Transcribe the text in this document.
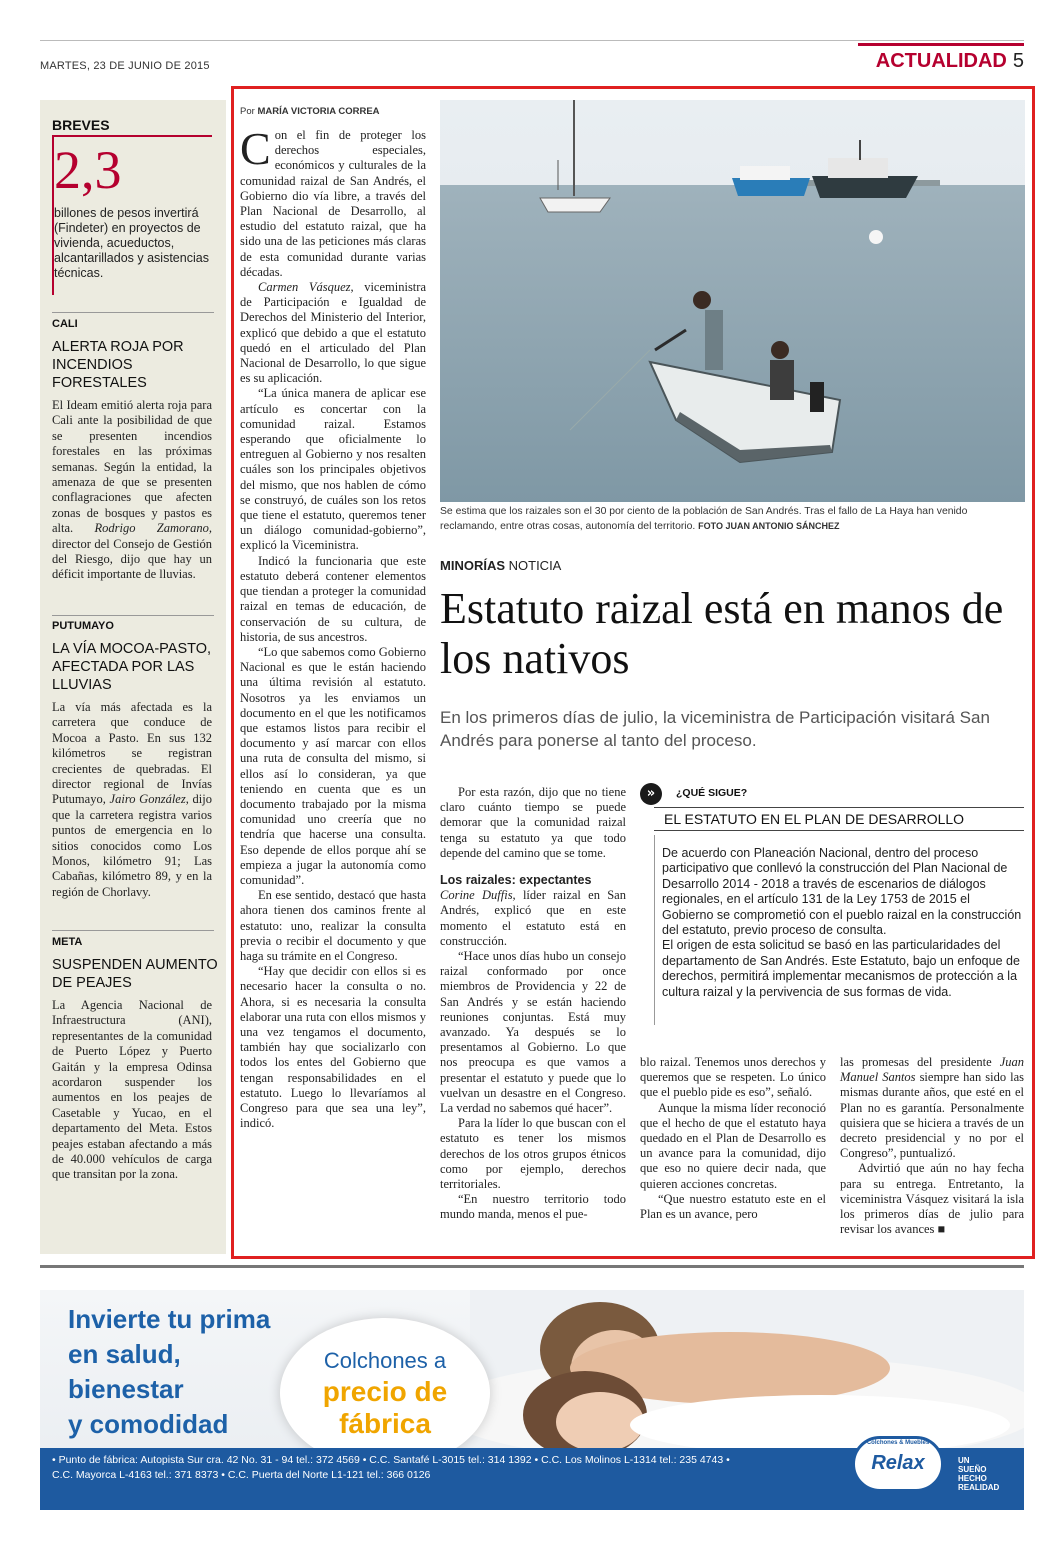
MARTES, 23 DE JUNIO DE 2015	ACTUALIDAD 5
BREVES
2,3
billones de pesos invertirá (Findeter) en proyectos de vivienda, acueductos, alcantarillados y asistencias técnicas.
CALI
ALERTA ROJA POR INCENDIOS FORESTALES
El Ideam emitió alerta roja para Cali ante la posibilidad de que se presenten incendios forestales en las próximas semanas. Según la entidad, la amenaza de que se presenten conflagraciones que afecten zonas de bosques y pastos es alta. Rodrigo Zamorano, director del Consejo de Gestión del Riesgo, dijo que hay un déficit importante de lluvias.
PUTUMAYO
LA VÍA MOCOA-PASTO, AFECTADA POR LAS LLUVIAS
La vía más afectada es la carretera que conduce de Mocoa a Pasto. En sus 132 kilómetros se registran crecientes de quebradas. El director regional de Invías Putumayo, Jairo González, dijo que la carretera registra varios puntos de emergencia en lo sitios conocidos como Los Monos, kilómetro 91; Las Cabañas, kilómetro 89, y en la región de Chorlavy.
META
SUSPENDEN AUMENTO DE PEAJES
La Agencia Nacional de Infraestructura (ANI), representantes de la comunidad de Puerto López y Puerto Gaitán y la empresa Odinsa acordaron suspender los aumentos en los peajes de Casetable y Yucao, en el departamento del Meta. Estos peajes estaban afectando a más de 40.000 vehículos de carga que transitan por la zona.
Por MARÍA VICTORIA CORREA

Con el fin de proteger los derechos especiales, económicos y culturales de la comunidad raizal de San Andrés, el Gobierno dio vía libre, a través del Plan Nacional de Desarrollo, al estudio del estatuto raizal, que ha sido una de las peticiones más claras de esta comunidad durante varias décadas.

Carmen Vásquez, viceministra de Participación e Igualdad de Derechos del Ministerio del Interior, explicó que debido a que el estatuto quedó en el articulado del Plan Nacional de Desarrollo, lo que sigue es su aplicación.

“La única manera de aplicar ese artículo es concertar con la comunidad raizal. Estamos esperando que oficialmente lo entreguen al Gobierno y nos resalten cuáles son los principales objetivos del mismo, que nos hablen de cómo se construyó, de cuáles son los retos que tiene el estatuto, queremos tener un diálogo comunidad-gobierno”, explicó la Viceministra.

Indicó la funcionaria que este estatuto deberá contener elementos que tiendan a proteger la comunidad raizal en temas de educación, de conservación de su cultura, de historia, de sus ancestros.

“Lo que sabemos como Gobierno Nacional es que le están haciendo una última revisión al estatuto. Nosotros ya les enviamos un documento en el que les notificamos que estamos listos para recibir el documento y así marcar con ellos una ruta de consulta del mismo, si ellos así lo consideran, ya que teniendo en cuenta que es un documento trabajado por la misma comunidad uno creería que no tendría que hacerse una consulta. Eso depende de ellos porque ahí se empieza a jugar la autonomía como comunidad”.

En ese sentido, destacó que hasta ahora tienen dos caminos frente al estatuto: uno, realizar la consulta previa o recibir el documento y que haga su trámite en el Congreso.

“Hay que decidir con ellos si es necesario hacer la consulta o no. Ahora, si es necesaria la consulta elaborar una ruta con ellos mismos y una vez tengamos el documento, también hay que socializarlo con todos los entes del Gobierno que tengan responsabilidades en el estatuto. Luego lo llevaríamos al Congreso para que sea una ley”, indicó.

Se estima que los raizales son el 30 por ciento de la población de San Andrés. Tras el fallo de La Haya han venido reclamando, entre otras cosas, autonomía del territorio. FOTO JUAN ANTONIO SÁNCHEZ
MINORÍAS NOTICIA
Estatuto raizal está en manos de los nativos
En los primeros días de julio, la viceministra de Participación visitará San Andrés para ponerse al tanto del proceso.

Por esta razón, dijo que no tiene claro cuánto tiempo se puede demorar que la comunidad raizal tenga su estatuto ya que todo depende del camino que se tome.

Los raizales: expectantes

Corine Duffis, líder raizal en San Andrés, explicó que en este momento el estatuto está en construcción.

“Hace unos días hubo un consejo raizal conformado por once miembros de Providencia y 22 de San Andrés y se están haciendo reuniones conjuntas. Está muy avanzado. Ya después se lo presentamos al Gobierno. Lo que nos preocupa es que vamos a presentar el estatuto y puede que lo vuelvan un desastre en el Congreso. La verdad no sabemos qué hacer”.

Para la líder lo que buscan con el estatuto es tener los mismos derechos de los otros grupos étnicos como por ejemplo, derechos territoriales.

“En nuestro territorio todo mundo manda, menos el pue-

»	¿QUÉ SIGUE?
EL ESTATUTO EN EL PLAN DE DESARROLLO
De acuerdo con Planeación Nacional, dentro del proceso participativo que conllevó la construcción del Plan Nacional de Desarrollo 2014 - 2018 a través de escenarios de diálogos regionales, en el artículo 131 de la Ley 1753 de 2015 el Gobierno se comprometió con el pueblo raizal en la construcción del estatuto, previo proceso de consulta.
El origen de esta solicitud se basó en las particularidades del departamento de San Andrés. Este Estatuto, bajo un enfoque de derechos, permitirá implementar mecanismos de protección a la cultura raizal y la pervivencia de sus formas de vida.

blo raizal. Tenemos unos derechos y queremos que se respeten. Lo único que el pueblo pide es eso”, señaló.

Aunque la misma líder reconoció que el hecho de que el estatuto haya quedado en el Plan de Desarrollo es un avance para la comunidad, dijo que eso no quiere decir nada, que quieren acciones concretas.

“Que nuestro estatuto este en el Plan es un avance, pero

las promesas del presidente Juan Manuel Santos siempre han sido las mismas durante años, que esté en el Plan no es garantía. Personalmente quisiera que se hiciera a través de un decreto presidencial y no por el Congreso”, puntualizó.

Advirtió que aún no hay fecha para su entrega. Entretanto, la viceministra Vásquez visitará la isla los primeros días de julio para revisar los avances ■

Invierte tu prima
en salud,
bienestar
y comodidad
Colchones a
precio de fábrica
• Punto de fábrica: Autopista Sur cra. 42 No. 31 - 94 tel.: 372 4569 • C.C. Santafé L-3015 tel.: 314 1392 • C.C. Los Molinos L-1314 tel.: 235 4743 •
C.C. Mayorca L-4163 tel.: 371 8373 • C.C. Puerta del Norte L1-121 tel.: 366 0126
Colchones & Muebles
Relax	UN
SUEÑO
HECHO
REALIDAD
